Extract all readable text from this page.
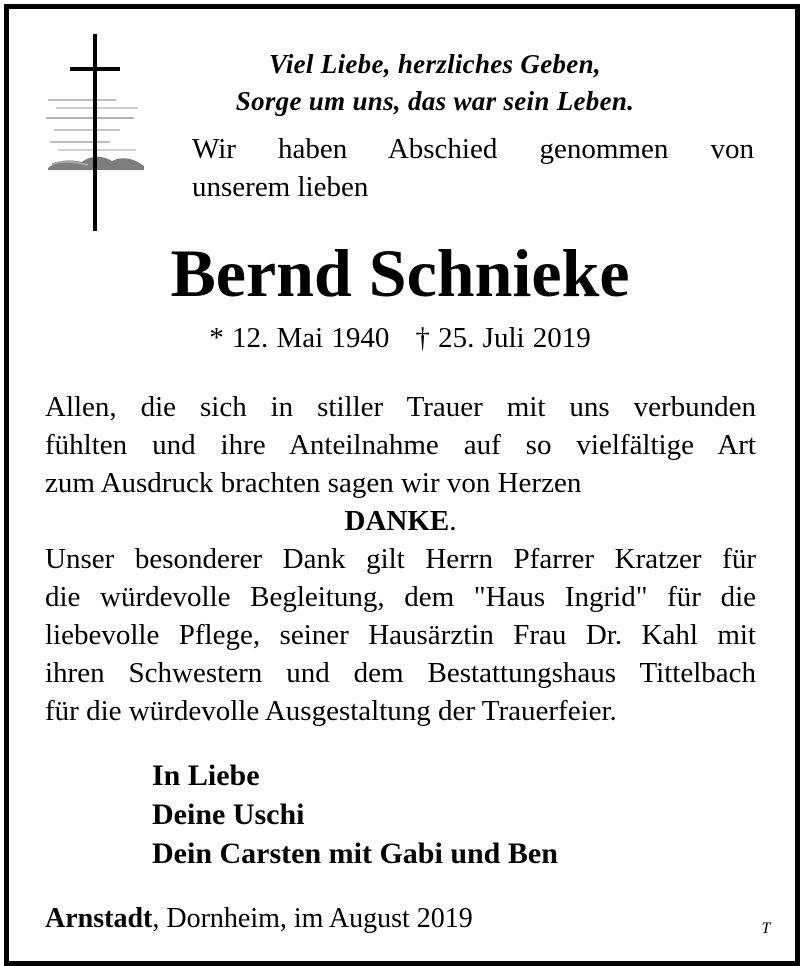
Viel Liebe, herzliches Geben,
Sorge um uns, das war sein Leben.
Wir haben Abschied genommen von
unserem lieben
Bernd Schnieke
* 12. Mai 1940 † 25. Juli 2019
Allen, die sich in stiller Trauer mit uns verbunden
fühlten und ihre Anteilnahme auf so vielfältige Art
zum Ausdruck brachten sagen wir von Herzen
DANKE.
Unser besonderer Dank gilt Herrn Pfarrer Kratzer für
die würdevolle Begleitung, dem "Haus Ingrid" für die
liebevolle Pflege, seiner Hausärztin Frau Dr. Kahl mit
ihren Schwestern und dem Bestattungshaus Tittelbach
für die würdevolle Ausgestaltung der Trauerfeier.
In Liebe
Deine Uschi
Dein Carsten mit Gabi und Ben
Arnstadt, Dornheim, im August 2019	T
